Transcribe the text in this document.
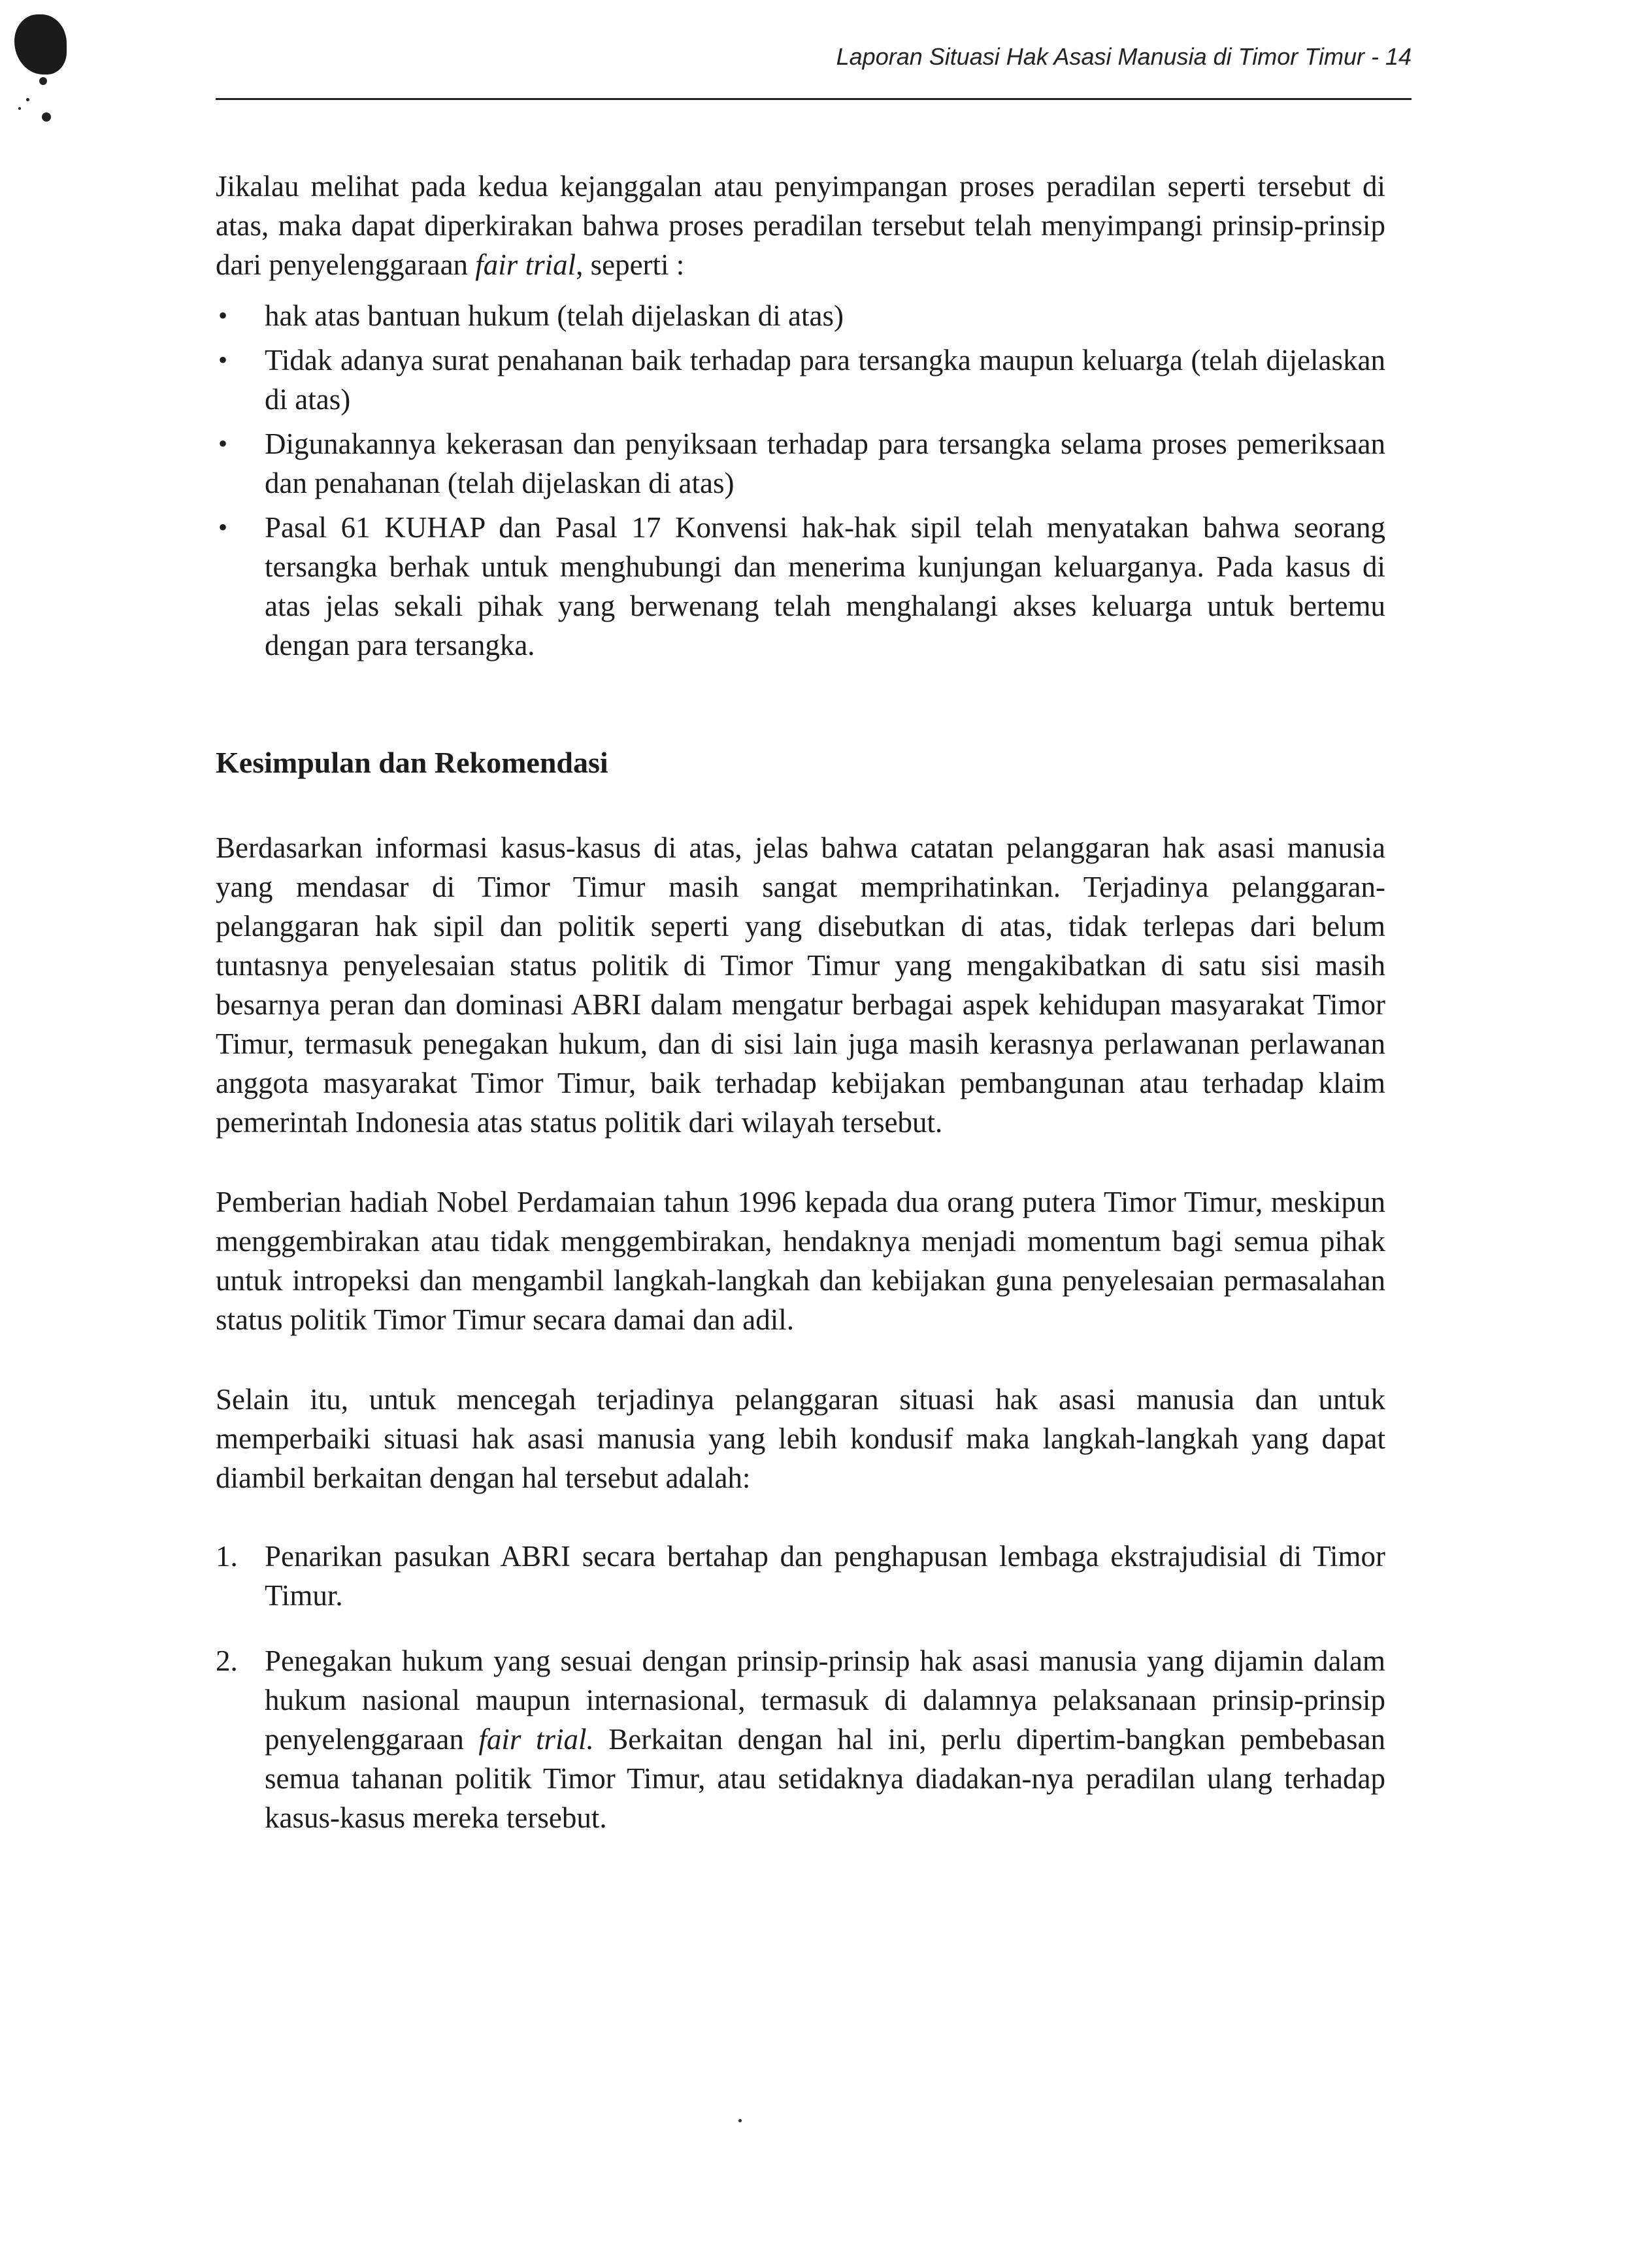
Laporan Situasi Hak Asasi Manusia di Timor Timur - 14

Jikalau melihat pada kedua kejanggalan atau penyimpangan proses peradilan seperti tersebut di atas, maka dapat diperkirakan bahwa proses peradilan tersebut telah menyimpangi prinsip-prinsip dari penyelenggaraan fair trial, seperti :

• hak atas bantuan hukum (telah dijelaskan di atas)
• Tidak adanya surat penahanan baik terhadap para tersangka maupun keluarga (telah dijelaskan di atas)
• Digunakannya kekerasan dan penyiksaan terhadap para tersangka selama proses pemeriksaan dan penahanan (telah dijelaskan di atas)
• Pasal 61 KUHAP dan Pasal 17 Konvensi hak-hak sipil telah menyatakan bahwa seorang tersangka berhak untuk menghubungi dan menerima kunjungan keluarganya. Pada kasus di atas jelas sekali pihak yang berwenang telah menghalangi akses keluarga untuk bertemu dengan para tersangka.
Kesimpulan dan Rekomendasi

Berdasarkan informasi kasus-kasus di atas, jelas bahwa catatan pelanggaran hak asasi manusia yang mendasar di Timor Timur masih sangat memprihatinkan. Terjadinya pelanggaran-pelanggaran hak sipil dan politik seperti yang disebutkan di atas, tidak terlepas dari belum tuntasnya penyelesaian status politik di Timor Timur yang mengakibatkan di satu sisi masih besarnya peran dan dominasi ABRI dalam mengatur berbagai aspek kehidupan masyarakat Timor Timur, termasuk penegakan hukum, dan di sisi lain juga masih kerasnya perlawanan perlawanan anggota masyarakat Timor Timur, baik terhadap kebijakan pembangunan atau terhadap klaim pemerintah Indonesia atas status politik dari wilayah tersebut.

Pemberian hadiah Nobel Perdamaian tahun 1996 kepada dua orang putera Timor Timur, meskipun menggembirakan atau tidak menggembirakan, hendaknya menjadi momentum bagi semua pihak untuk intropeksi dan mengambil langkah-langkah dan kebijakan guna penyelesaian permasalahan status politik Timor Timur secara damai dan adil.

Selain itu, untuk mencegah terjadinya pelanggaran situasi hak asasi manusia dan untuk memperbaiki situasi hak asasi manusia yang lebih kondusif maka langkah-langkah yang dapat diambil berkaitan dengan hal tersebut adalah:

1. Penarikan pasukan ABRI secara bertahap dan penghapusan lembaga ekstrajudisial di Timor Timur.
2. Penegakan hukum yang sesuai dengan prinsip-prinsip hak asasi manusia yang dijamin dalam hukum nasional maupun internasional, termasuk di dalamnya pelaksanaan prinsip-prinsip penyelenggaraan fair trial. Berkaitan dengan hal ini, perlu dipertim-bangkan pembebasan semua tahanan politik Timor Timur, atau setidaknya diadakan-nya peradilan ulang terhadap kasus-kasus mereka tersebut.
